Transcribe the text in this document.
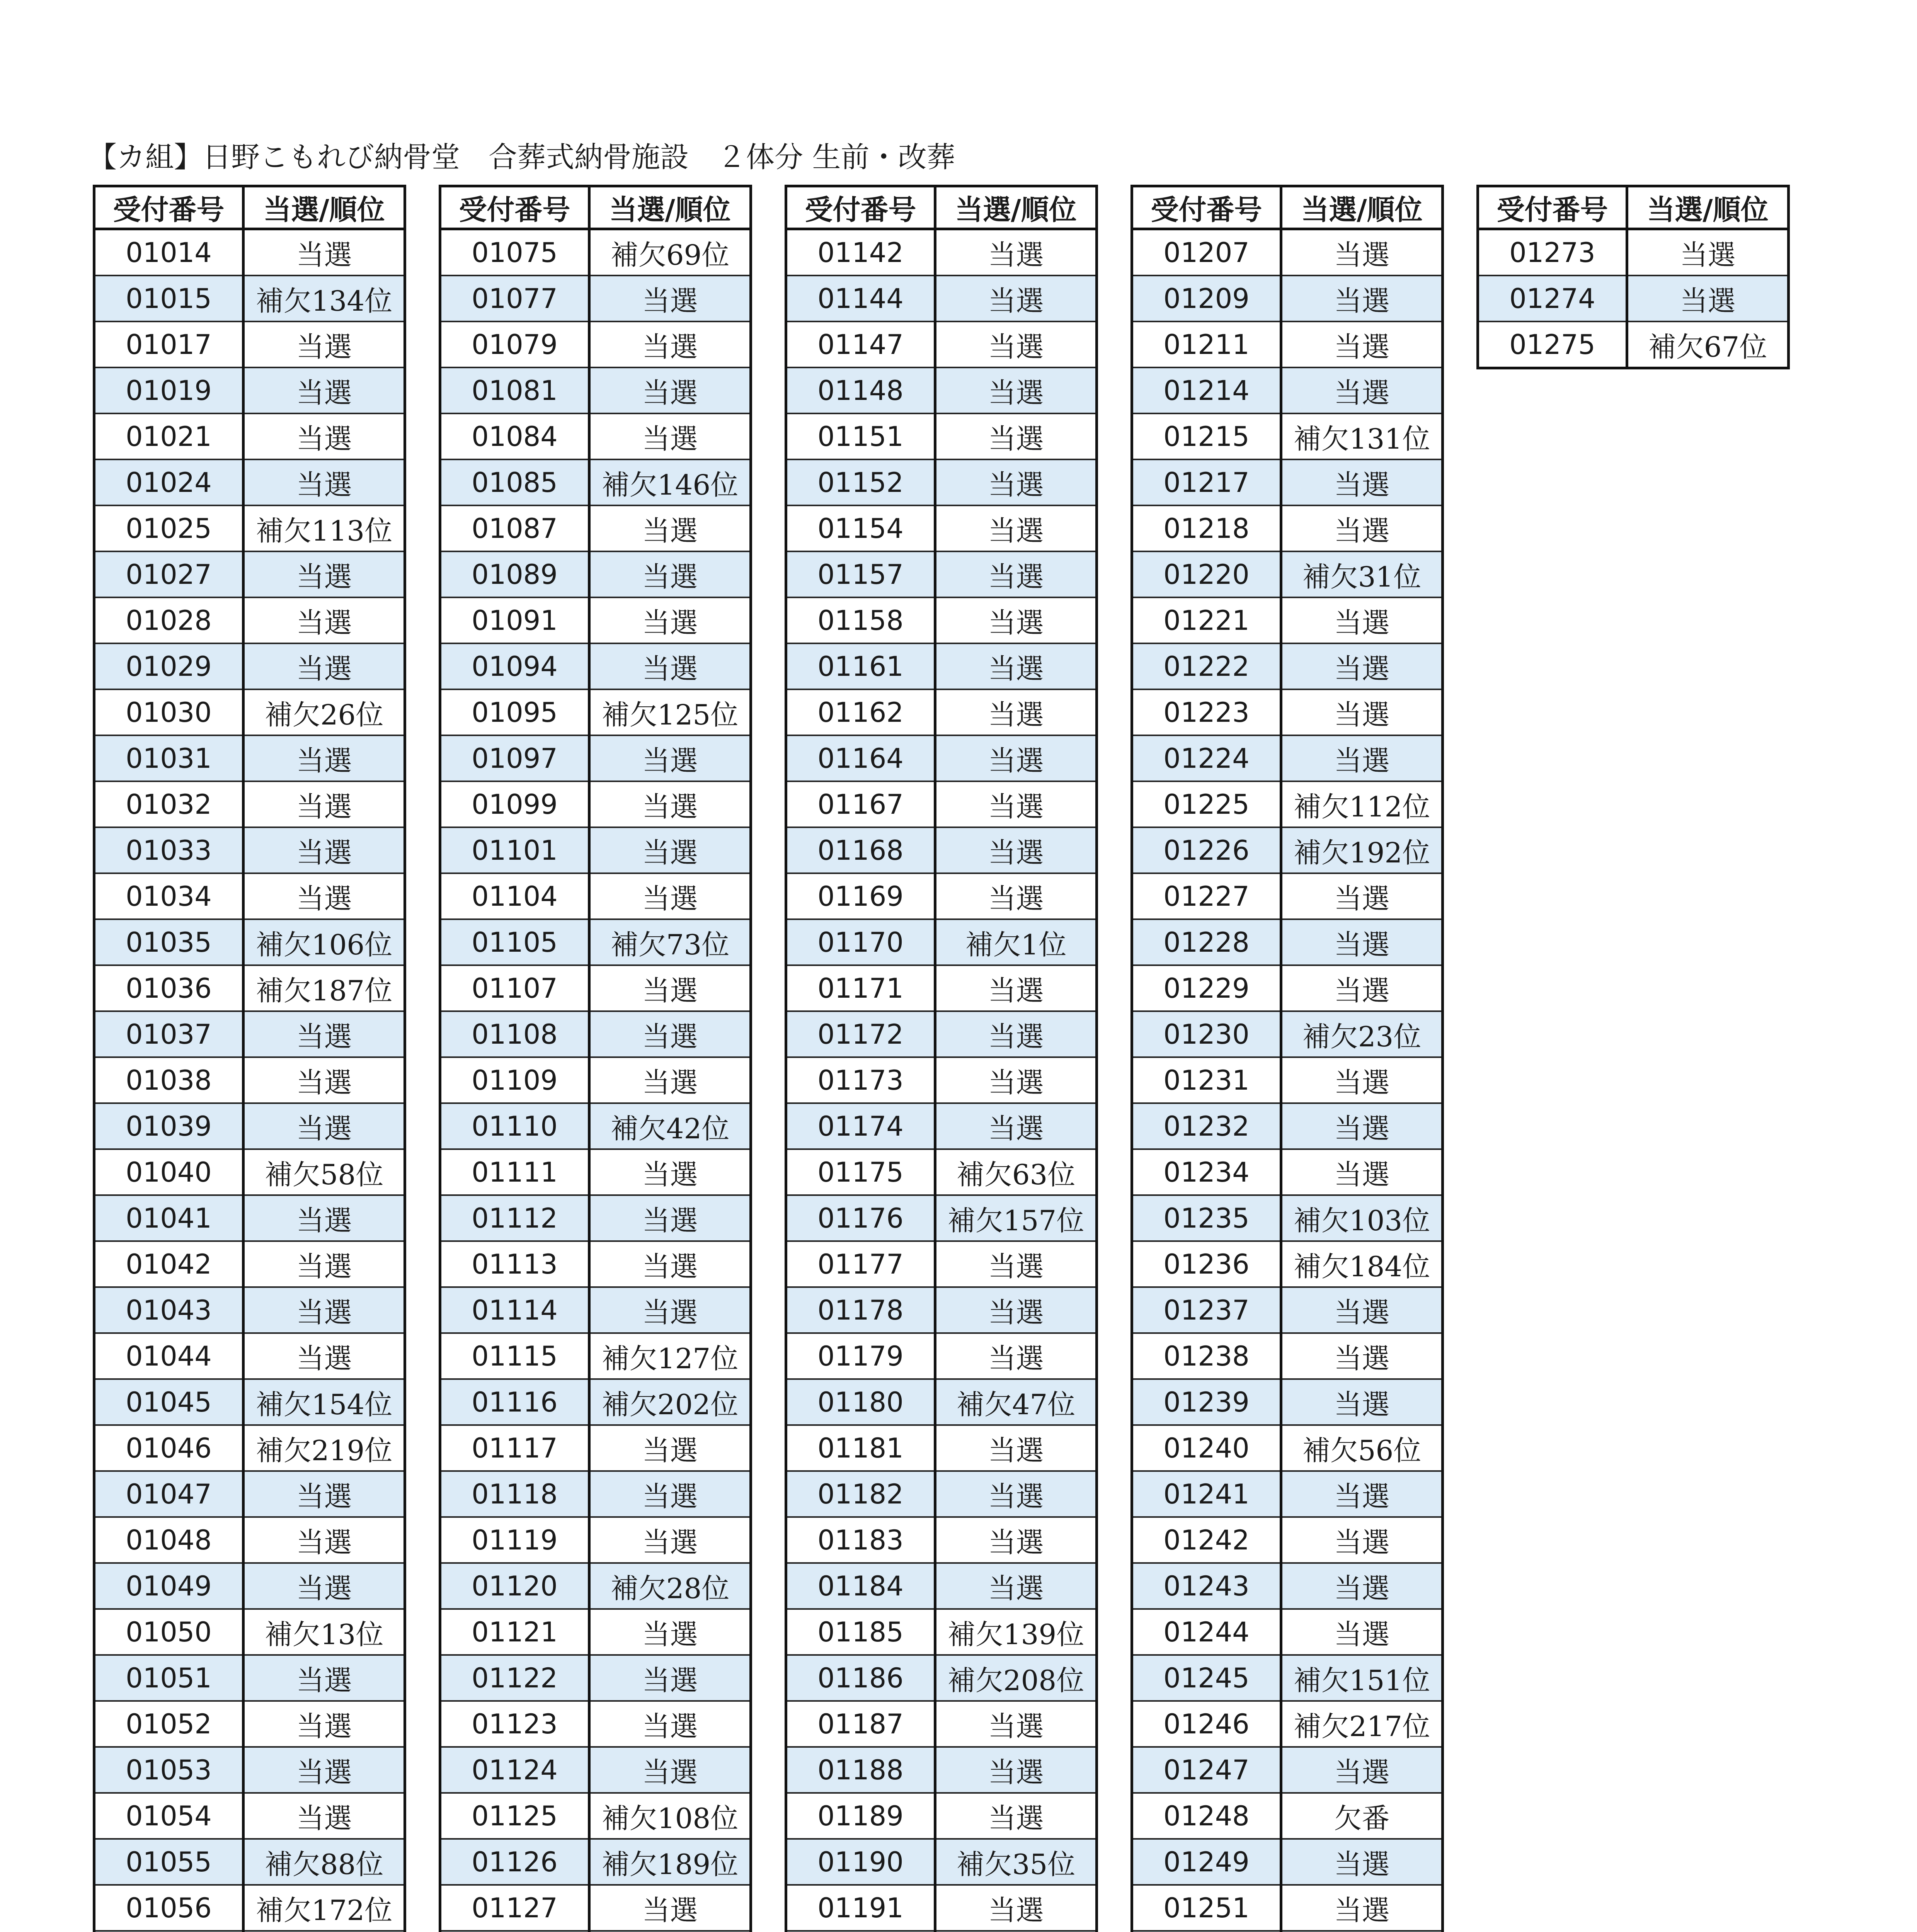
【カ組】日野こもれび納骨堂　合葬式納骨施設　２体分 生前・改葬
受付番号	当選/順位
01014	当選
01015	補欠134位
01017	当選
01019	当選
01021	当選
01024	当選
01025	補欠113位
01027	当選
01028	当選
01029	当選
01030	補欠26位
01031	当選
01032	当選
01033	当選
01034	当選
01035	補欠106位
01036	補欠187位
01037	当選
01038	当選
01039	当選
01040	補欠58位
01041	当選
01042	当選
01043	当選
01044	当選
01045	補欠154位
01046	補欠219位
01047	当選
01048	当選
01049	当選
01050	補欠13位
01051	当選
01052	当選
01053	当選
01054	当選
01055	補欠88位
01056	補欠172位

受付番号	当選/順位
01075	補欠69位
01077	当選
01079	当選
01081	当選
01084	当選
01085	補欠146位
01087	当選
01089	当選
01091	当選
01094	当選
01095	補欠125位
01097	当選
01099	当選
01101	当選
01104	当選
01105	補欠73位
01107	当選
01108	当選
01109	当選
01110	補欠42位
01111	当選
01112	当選
01113	当選
01114	当選
01115	補欠127位
01116	補欠202位
01117	当選
01118	当選
01119	当選
01120	補欠28位
01121	当選
01122	当選
01123	当選
01124	当選
01125	補欠108位
01126	補欠189位
01127	当選

受付番号	当選/順位
01142	当選
01144	当選
01147	当選
01148	当選
01151	当選
01152	当選
01154	当選
01157	当選
01158	当選
01161	当選
01162	当選
01164	当選
01167	当選
01168	当選
01169	当選
01170	補欠1位
01171	当選
01172	当選
01173	当選
01174	当選
01175	補欠63位
01176	補欠157位
01177	当選
01178	当選
01179	当選
01180	補欠47位
01181	当選
01182	当選
01183	当選
01184	当選
01185	補欠139位
01186	補欠208位
01187	当選
01188	当選
01189	当選
01190	補欠35位
01191	当選

受付番号	当選/順位
01207	当選
01209	当選
01211	当選
01214	当選
01215	補欠131位
01217	当選
01218	当選
01220	補欠31位
01221	当選
01222	当選
01223	当選
01224	当選
01225	補欠112位
01226	補欠192位
01227	当選
01228	当選
01229	当選
01230	補欠23位
01231	当選
01232	当選
01234	当選
01235	補欠103位
01236	補欠184位
01237	当選
01238	当選
01239	当選
01240	補欠56位
01241	当選
01242	当選
01243	当選
01244	当選
01245	補欠151位
01246	補欠217位
01247	当選
01248	欠番
01249	当選
01251	当選

受付番号	当選/順位
01273	当選
01274	当選
01275	補欠67位
